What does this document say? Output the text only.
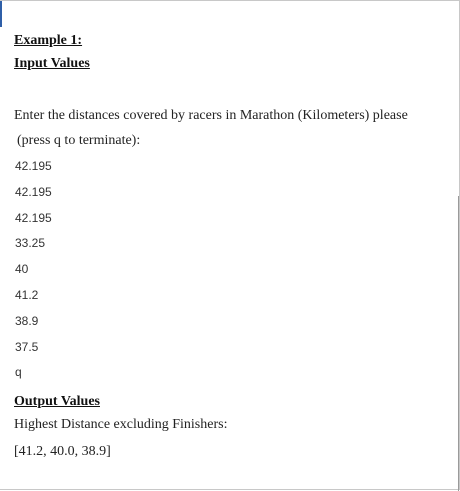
Example 1:
Input Values
Enter the distances covered by racers in Marathon (Kilometers) please
(press q to terminate):
42.195
42.195
42.195
33.25
40
41.2
38.9
37.5
q
Output Values
Highest Distance excluding Finishers:
[41.2, 40.0, 38.9]
